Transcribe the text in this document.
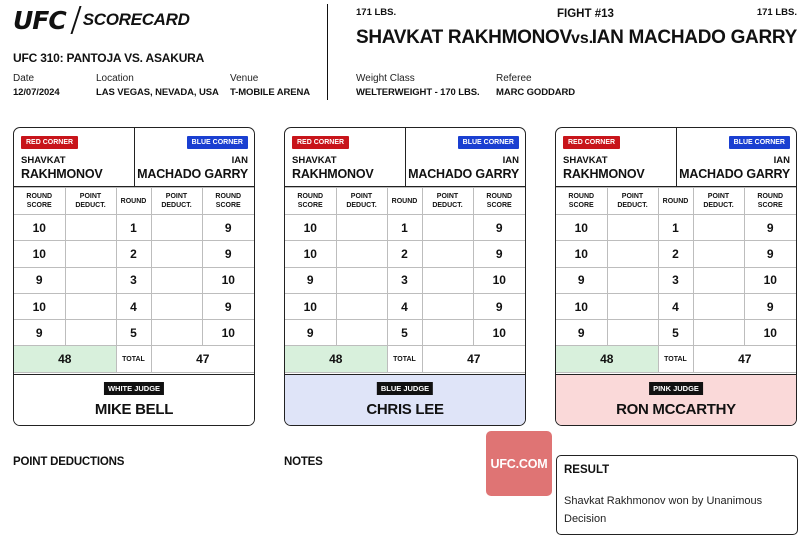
UFC SCORECARD
UFC 310: PANTOJA VS. ASAKURA
Date
12/07/2024
Location
LAS VEGAS, NEVADA, USA
Venue
T-MOBILE ARENA
171 LBS.	FIGHT #13	171 LBS.
SHAVKAT RAKHMONOV vs.
IAN MACHADO GARRY
Weight Class
WELTERWEIGHT - 170 LBS.
Referee
MARC GODDARD
RED CORNER
SHAVKAT
RAKHMONOV
BLUE CORNER
IAN
MACHADO GARRY
ROUND SCORE	POINT DEDUCT.	ROUND	POINT DEDUCT.	ROUND SCORE
10		1		9
10		2		9
9		3		10
10		4		9
9		5		10
48		TOTAL	47	
WHITE JUDGE
MIKE BELL
RED CORNER
SHAVKAT
RAKHMONOV
BLUE CORNER
IAN
MACHADO GARRY
ROUND SCORE	POINT DEDUCT.	ROUND	POINT DEDUCT.	ROUND SCORE
10		1		9
10		2		9
9		3		10
10		4		9
9		5		10
48		TOTAL	47	
BLUE JUDGE
CHRIS LEE
RED CORNER
SHAVKAT
RAKHMONOV
BLUE CORNER
IAN
MACHADO GARRY
ROUND SCORE	POINT DEDUCT.	ROUND	POINT DEDUCT.	ROUND SCORE
10		1		9
10		2		9
9		3		10
10		4		9
9		5		10
48		TOTAL	47	
PINK JUDGE
RON MCCARTHY
POINT DEDUCTIONS	NOTES	UFC.COM RESULT
Shavkat Rakhmonov won by Unanimous Decision
